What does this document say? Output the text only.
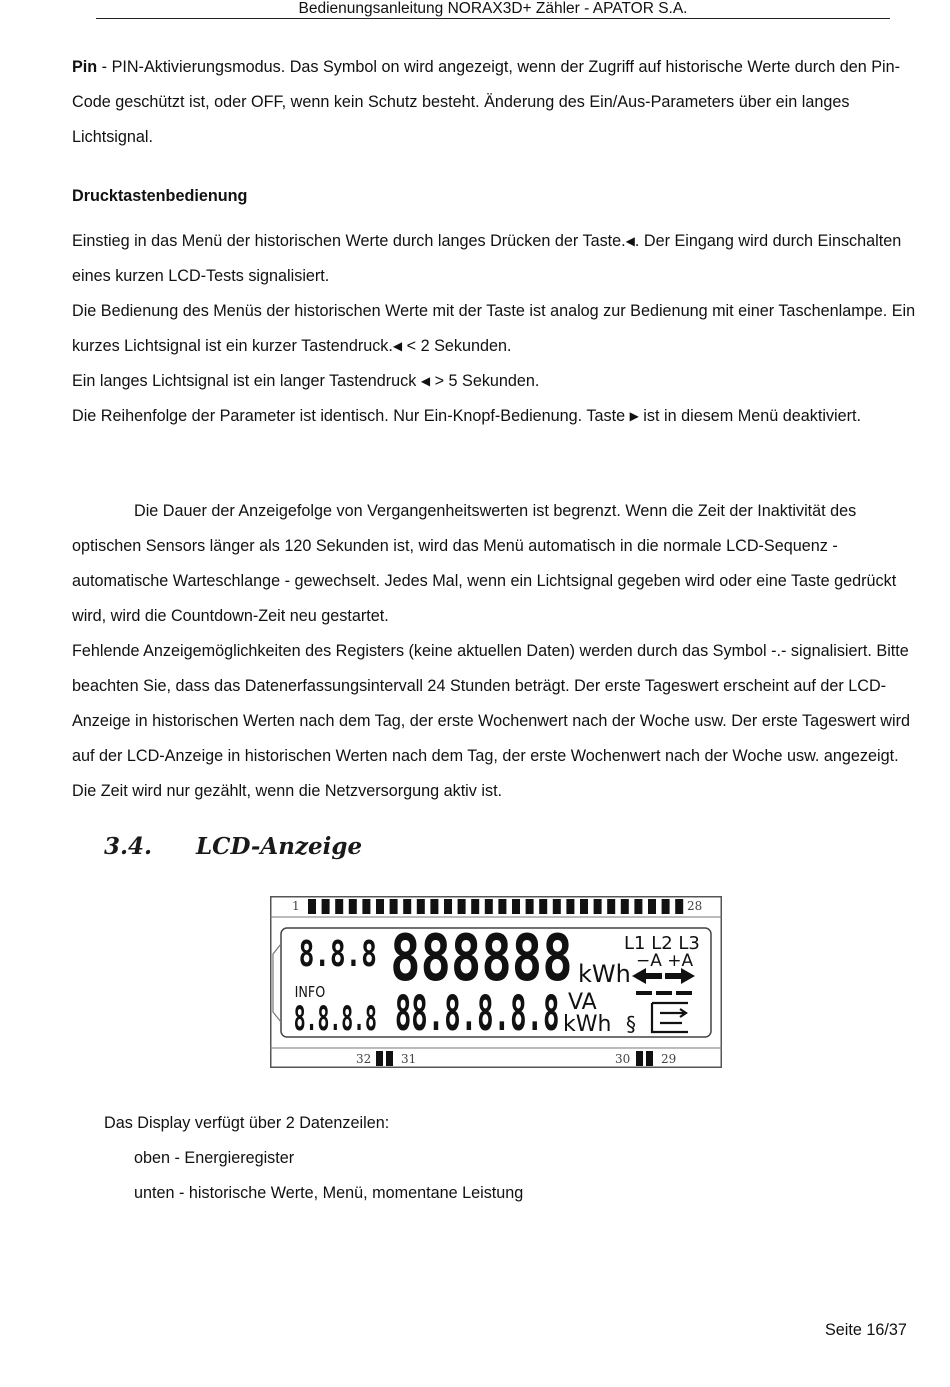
Bedienungsanleitung NORAX3D+ Zähler - APATOR S.A.

Pin - PIN-Aktivierungsmodus. Das Symbol on wird angezeigt, wenn der Zugriff auf historische Werte durch den Pin-Code geschützt ist, oder OFF, wenn kein Schutz besteht. Änderung des Ein/Aus-Parameters über ein langes Lichtsignal.

Drucktastenbedienung

Einstieg in das Menü der historischen Werte durch langes Drücken der Taste.◀. Der Eingang wird durch Einschalten eines kurzen LCD-Tests signalisiert.

Die Bedienung des Menüs der historischen Werte mit der Taste ist analog zur Bedienung mit einer Taschenlampe. Ein kurzes Lichtsignal ist ein kurzer Tastendruck.◀ < 2 Sekunden.

Ein langes Lichtsignal ist ein langer Tastendruck ◀ > 5 Sekunden.

Die Reihenfolge der Parameter ist identisch. Nur Ein-Knopf-Bedienung. Taste ▶ ist in diesem Menü deaktiviert.

Die Dauer der Anzeigefolge von Vergangenheitswerten ist begrenzt. Wenn die Zeit der Inaktivität des optischen Sensors länger als 120 Sekunden ist, wird das Menü automatisch in die normale LCD-Sequenz - automatische Warteschlange - gewechselt. Jedes Mal, wenn ein Lichtsignal gegeben wird oder eine Taste gedrückt wird, wird die Countdown-Zeit neu gestartet.

Fehlende Anzeigemöglichkeiten des Registers (keine aktuellen Daten) werden durch das Symbol -.- signalisiert. Bitte beachten Sie, dass das Datenerfassungsintervall 24 Stunden beträgt. Der erste Tageswert erscheint auf der LCD-Anzeige in historischen Werten nach dem Tag, der erste Wochenwert nach der Woche usw. Der erste Tageswert wird auf der LCD-Anzeige in historischen Werten nach dem Tag, der erste Wochenwert nach der Woche usw. angezeigt. Die Zeit wird nur gezählt, wenn die Netzversorgung aktiv ist.

3.4. LCD-Anzeige
1	28
8.8.8 888888 kWh
L1 L2 L3
−A +A
INFO
8.8.8.8 88.8.8.8.8 VA
kWh §
32 31	30	29
Das Display verfügt über 2 Datenzeilen:
oben - Energieregister
unten - historische Werte, Menü, momentane Leistung
Seite 16/37
